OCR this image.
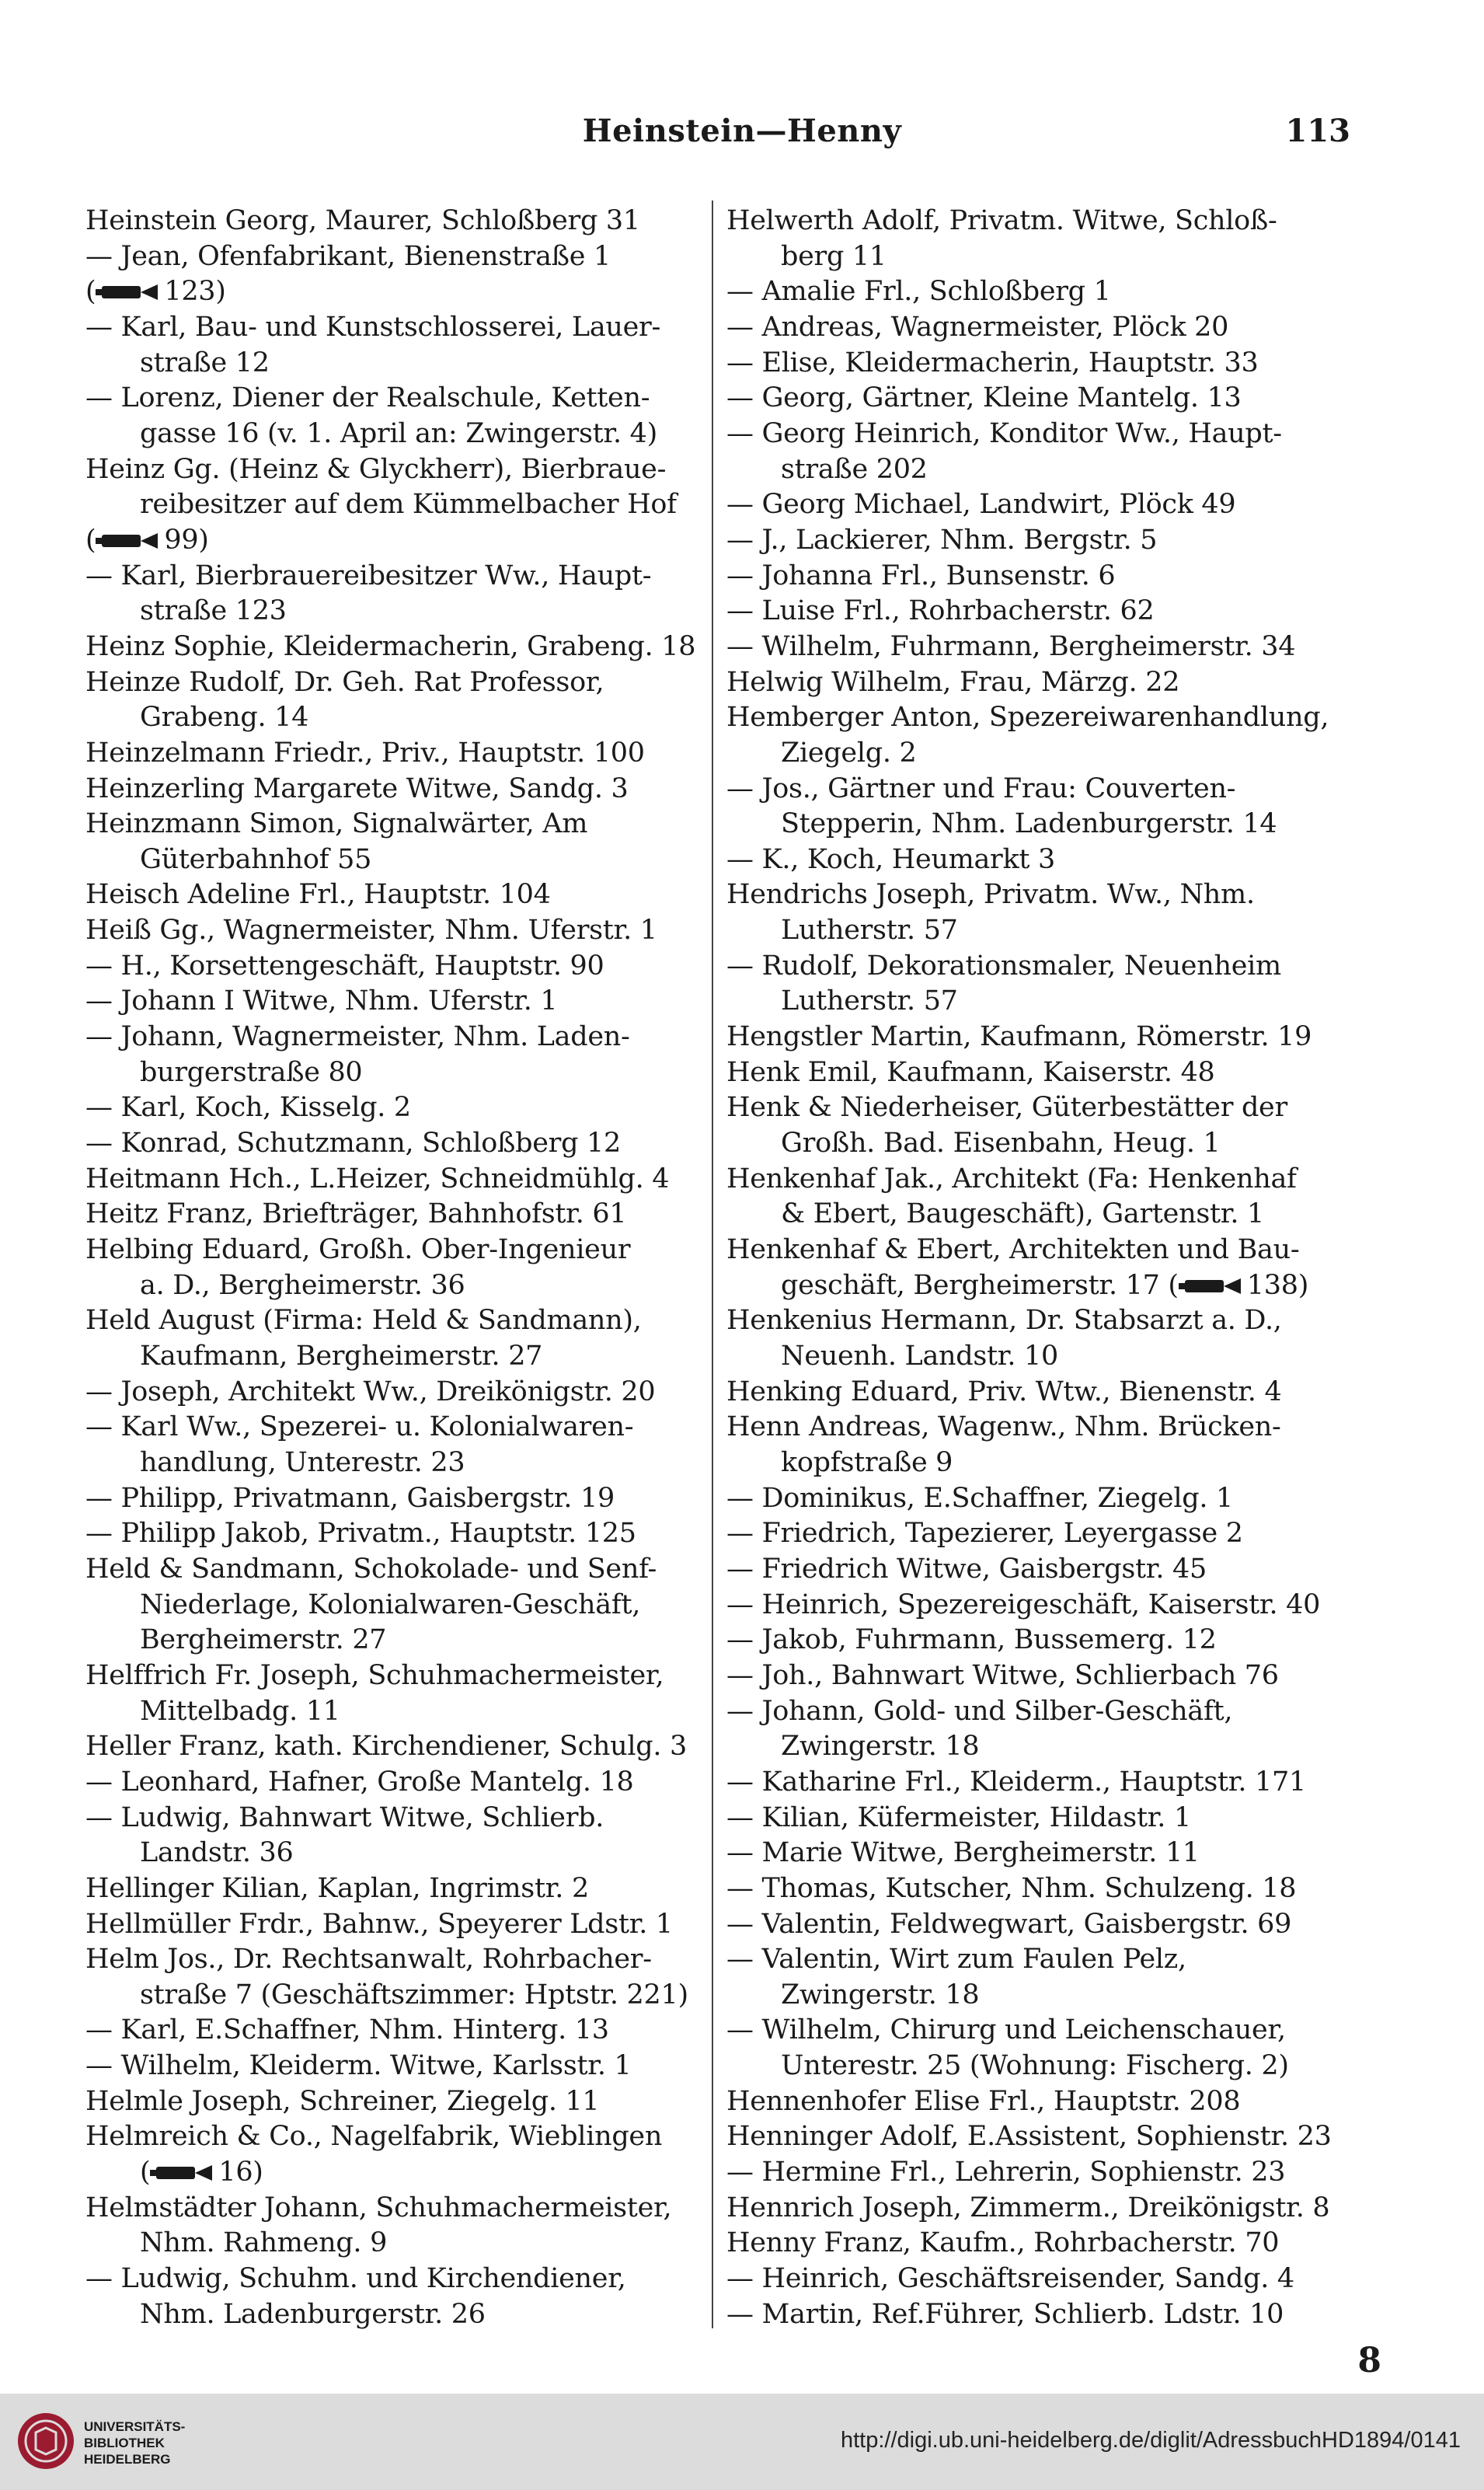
Heinstein—Henny	113
Heinstein Georg, Maurer, Schloßberg 31
— Jean, Ofenfabrikant, Bienenstraße 1
(	123)
— Karl, Bau- und Kunstschlosserei, Lauer-
straße 12
— Lorenz, Diener der Realschule, Ketten-
gasse 16 (v. 1. April an: Zwingerstr. 4)
Heinz Gg. (Heinz & Glyckherr), Bierbraue-
reibesitzer auf dem Kümmelbacher Hof
(	99)
— Karl, Bierbrauereibesitzer Ww., Haupt-
straße 123
Heinz Sophie, Kleidermacherin, Grabeng. 18
Heinze Rudolf, Dr. Geh. Rat Professor,
Grabeng. 14
Heinzelmann Friedr., Priv., Hauptstr. 100
Heinzerling Margarete Witwe, Sandg. 3
Heinzmann Simon, Signalwärter, Am
Güterbahnhof 55
Heisch Adeline Frl., Hauptstr. 104
Heiß Gg., Wagnermeister, Nhm. Uferstr. 1
— H., Korsettengeschäft, Hauptstr. 90
— Johann I Witwe, Nhm. Uferstr. 1
— Johann, Wagnermeister, Nhm. Laden-
burgerstraße 80
— Karl, Koch, Kisselg. 2
— Konrad, Schutzmann, Schloßberg 12
Heitmann Hch., L.Heizer, Schneidmühlg. 4
Heitz Franz, Briefträger, Bahnhofstr. 61
Helbing Eduard, Großh. Ober-Ingenieur
a. D., Bergheimerstr. 36
Held August (Firma: Held & Sandmann),
Kaufmann, Bergheimerstr. 27
— Joseph, Architekt Ww., Dreikönigstr. 20
— Karl Ww., Spezerei- u. Kolonialwaren-
handlung, Unterestr. 23
— Philipp, Privatmann, Gaisbergstr. 19
— Philipp Jakob, Privatm., Hauptstr. 125
Held & Sandmann, Schokolade- und Senf-
Niederlage, Kolonialwaren-Geschäft,
Bergheimerstr. 27
Helffrich Fr. Joseph, Schuhmachermeister,
Mittelbadg. 11
Heller Franz, kath. Kirchendiener, Schulg. 3
— Leonhard, Hafner, Große Mantelg. 18
— Ludwig, Bahnwart Witwe, Schlierb.
Landstr. 36
Hellinger Kilian, Kaplan, Ingrimstr. 2
Hellmüller Frdr., Bahnw., Speyerer Ldstr. 1
Helm Jos., Dr. Rechtsanwalt, Rohrbacher-
straße 7 (Geschäftszimmer: Hptstr. 221)
— Karl, E.Schaffner, Nhm. Hinterg. 13
— Wilhelm, Kleiderm. Witwe, Karlsstr. 1
Helmle Joseph, Schreiner, Ziegelg. 11
Helmreich & Co., Nagelfabrik, Wieblingen
(	16)
Helmstädter Johann, Schuhmachermeister,
Nhm. Rahmeng. 9
— Ludwig, Schuhm. und Kirchendiener,
Nhm. Ladenburgerstr. 26
Helwerth Adolf, Privatm. Witwe, Schloß-
berg 11
— Amalie Frl., Schloßberg 1
— Andreas, Wagnermeister, Plöck 20
— Elise, Kleidermacherin, Hauptstr. 33
— Georg, Gärtner, Kleine Mantelg. 13
— Georg Heinrich, Konditor Ww., Haupt-
straße 202
— Georg Michael, Landwirt, Plöck 49
— J., Lackierer, Nhm. Bergstr. 5
— Johanna Frl., Bunsenstr. 6
— Luise Frl., Rohrbacherstr. 62
— Wilhelm, Fuhrmann, Bergheimerstr. 34
Helwig Wilhelm, Frau, Märzg. 22
Hemberger Anton, Spezereiwarenhandlung,
Ziegelg. 2
— Jos., Gärtner und Frau: Couverten-
Stepperin, Nhm. Ladenburgerstr. 14
— K., Koch, Heumarkt 3
Hendrichs Joseph, Privatm. Ww., Nhm.
Lutherstr. 57
— Rudolf, Dekorationsmaler, Neuenheim
Lutherstr. 57
Hengstler Martin, Kaufmann, Römerstr. 19
Henk Emil, Kaufmann, Kaiserstr. 48
Henk & Niederheiser, Güterbestätter der
Großh. Bad. Eisenbahn, Heug. 1
Henkenhaf Jak., Architekt (Fa: Henkenhaf
& Ebert, Baugeschäft), Gartenstr. 1
Henkenhaf & Ebert, Architekten und Bau-
geschäft, Bergheimerstr. 17 (	138)
Henkenius Hermann, Dr. Stabsarzt a. D.,
Neuenh. Landstr. 10
Henking Eduard, Priv. Wtw., Bienenstr. 4
Henn Andreas, Wagenw., Nhm. Brücken-
kopfstraße 9
— Dominikus, E.Schaffner, Ziegelg. 1
— Friedrich, Tapezierer, Leyergasse 2
— Friedrich Witwe, Gaisbergstr. 45
— Heinrich, Spezereigeschäft, Kaiserstr. 40
— Jakob, Fuhrmann, Bussemerg. 12
— Joh., Bahnwart Witwe, Schlierbach 76
— Johann, Gold- und Silber-Geschäft,
Zwingerstr. 18
— Katharine Frl., Kleiderm., Hauptstr. 171
— Kilian, Küfermeister, Hildastr. 1
— Marie Witwe, Bergheimerstr. 11
— Thomas, Kutscher, Nhm. Schulzeng. 18
— Valentin, Feldwegwart, Gaisbergstr. 69
— Valentin, Wirt zum Faulen Pelz,
Zwingerstr. 18
— Wilhelm, Chirurg und Leichenschauer,
Unterestr. 25 (Wohnung: Fischerg. 2)
Hennenhofer Elise Frl., Hauptstr. 208
Henninger Adolf, E.Assistent, Sophienstr. 23
— Hermine Frl., Lehrerin, Sophienstr. 23
Hennrich Joseph, Zimmerm., Dreikönigstr. 8
Henny Franz, Kaufm., Rohrbacherstr. 70
— Heinrich, Geschäftsreisender, Sandg. 4
— Martin, Ref.Führer, Schlierb. Ldstr. 10
8
UNIVERSITÄTS-
BIBLIOTHEK
HEIDELBERG
http://digi.ub.uni-heidelberg.de/diglit/AdressbuchHD1894/0141
